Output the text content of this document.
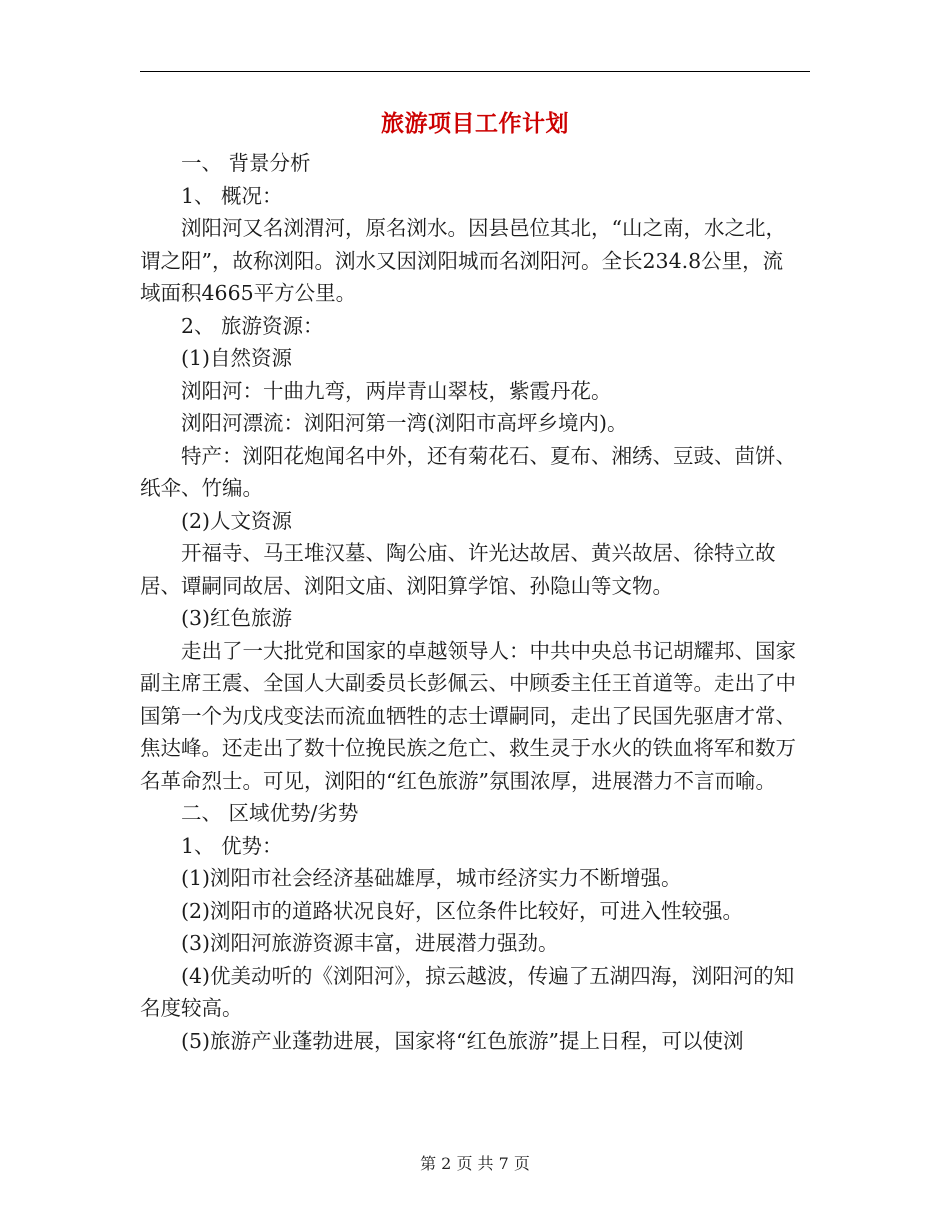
旅游项目工作计划

一、 背景分析

1、 概况：

浏阳河又名浏渭河，原名浏水。因县邑位其北，“山之南，水之北，谓之阳”，故称浏阳。浏水又因浏阳城而名浏阳河。全长234.8公里，流域面积4665平方公里。

2、 旅游资源：

(1)自然资源

浏阳河：十曲九弯，两岸青山翠枝，紫霞丹花。

浏阳河漂流：浏阳河第一湾(浏阳市高坪乡境内)。

特产：浏阳花炮闻名中外，还有菊花石、夏布、湘绣、豆豉、茴饼、纸伞、竹编。

(2)人文资源

开福寺、马王堆汉墓、陶公庙、许光达故居、黄兴故居、徐特立故居、谭嗣同故居、浏阳文庙、浏阳算学馆、孙隐山等文物。

(3)红色旅游

走出了一大批党和国家的卓越领导人：中共中央总书记胡耀邦、国家副主席王震、全国人大副委员长彭佩云、中顾委主任王首道等。走出了中国第一个为戊戌变法而流血牺牲的志士谭嗣同，走出了民国先驱唐才常、焦达峰。还走出了数十位挽民族之危亡、救生灵于水火的铁血将军和数万名革命烈士。可见，浏阳的“红色旅游”氛围浓厚，进展潜力不言而喻。

二、 区域优势/劣势

1、 优势：

(1)浏阳市社会经济基础雄厚，城市经济实力不断增强。

(2)浏阳市的道路状况良好，区位条件比较好，可进入性较强。

(3)浏阳河旅游资源丰富，进展潜力强劲。

(4)优美动听的《浏阳河》，掠云越波，传遍了五湖四海，浏阳河的知名度较高。

(5)旅游产业蓬勃进展，国家将“红色旅游”提上日程，可以使浏

第 2 页 共 7 页
